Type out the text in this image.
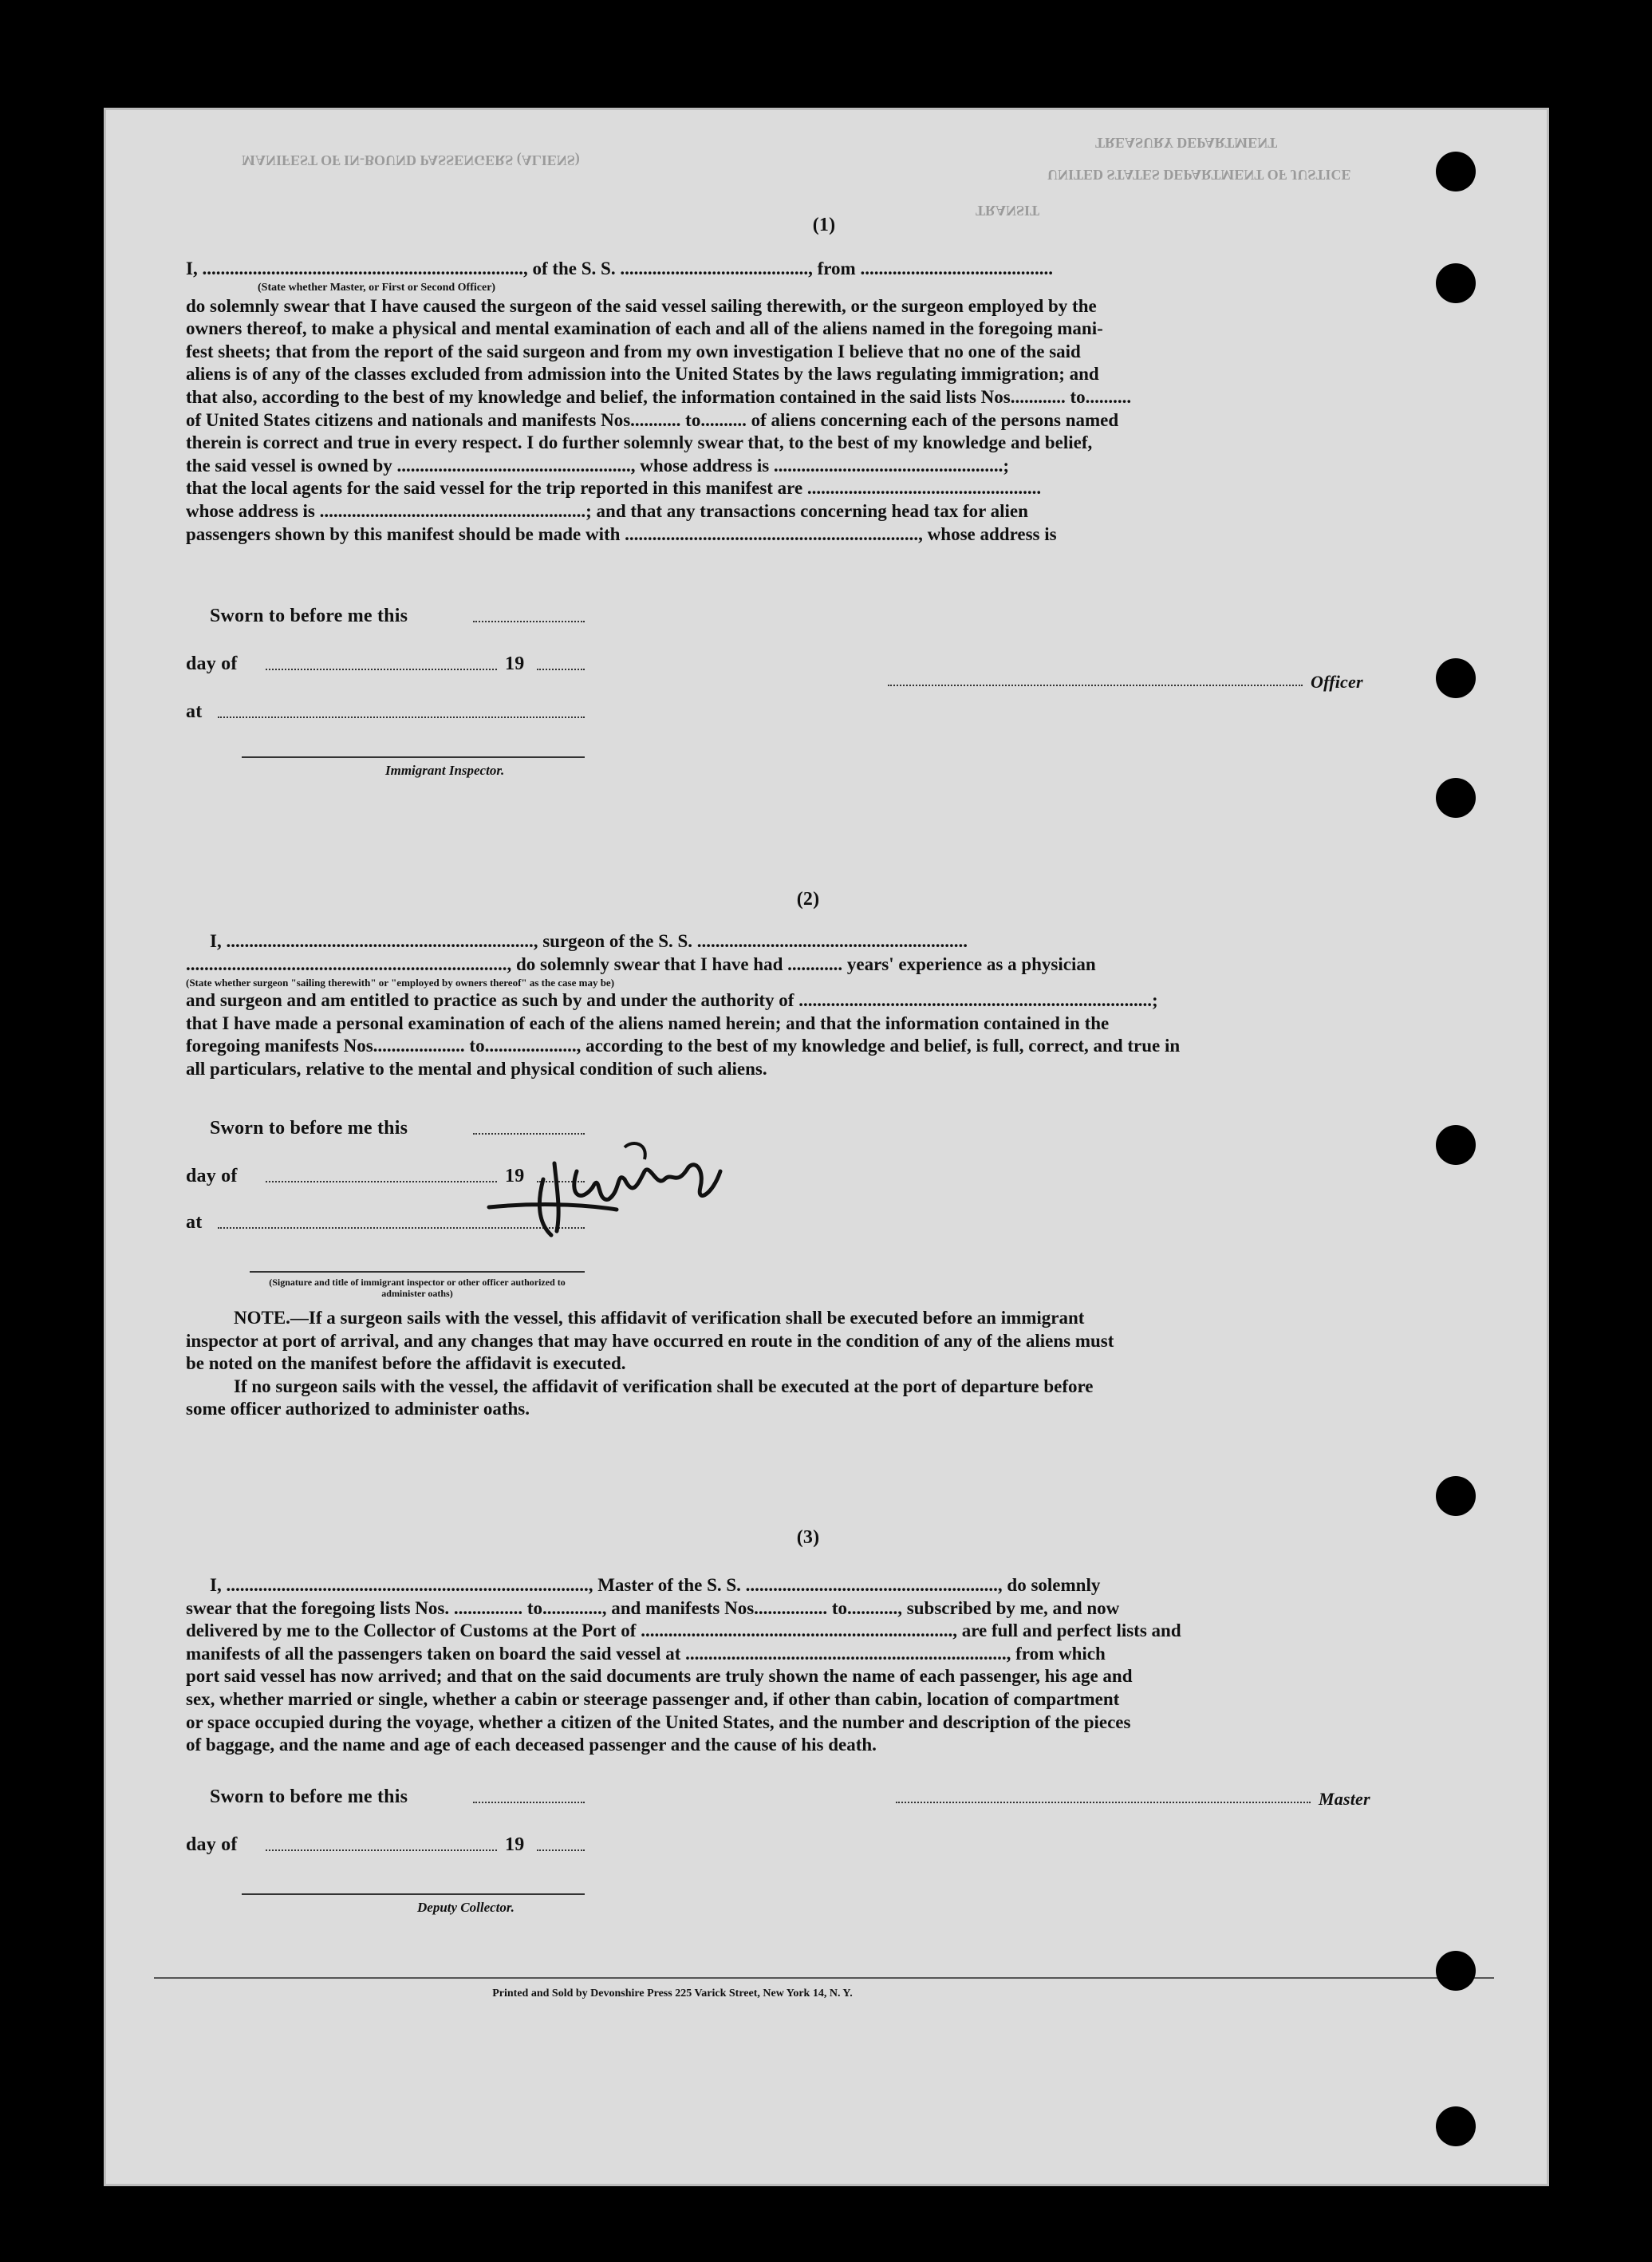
MANIFEST OF IN-BOUND PASSENGERS (ALIENS)
TREASURY DEPARTMENT
UNITED STATES DEPARTMENT OF JUSTICE
TRANSIT
(1)
I, ......................................................................, of the S. S. ........................................., from ..........................................
(State whether Master, or First or Second Officer)
do solemnly swear that I have caused the surgeon of the said vessel sailing therewith, or the surgeon employed by the
owners thereof, to make a physical and mental examination of each and all of the aliens named in the foregoing mani-
fest sheets; that from the report of the said surgeon and from my own investigation I believe that no one of the said
aliens is of any of the classes excluded from admission into the United States by the laws regulating immigration; and
that also, according to the best of my knowledge and belief, the information contained in the said lists Nos............ to..........
of United States citizens and nationals and manifests Nos........... to.......... of aliens concerning each of the persons named
therein is correct and true in every respect. I do further solemnly swear that, to the best of my knowledge and belief,
the said vessel is owned by ..................................................., whose address is ..................................................;
that the local agents for the said vessel for the trip reported in this manifest are ...................................................
whose address is ..........................................................; and that any transactions concerning head tax for alien
passengers shown by this manifest should be made with ................................................................, whose address is
Sworn to before me this
day of	19
at
Immigrant Inspector.
Officer
(2)
I, ..................................................................., surgeon of the S. S. ...........................................................
......................................................................, do solemnly swear that I have had ............ years' experience as a physician
(State whether surgeon "sailing therewith" or "employed by owners thereof" as the case may be)
and surgeon and am entitled to practice as such by and under the authority of .............................................................................;
that I have made a personal examination of each of the aliens named herein; and that the information contained in the
foregoing manifests Nos.................... to...................., according to the best of my knowledge and belief, is full, correct, and true in
all particulars, relative to the mental and physical condition of such aliens.
Sworn to before me this
day of	19
at
(Signature and title of immigrant inspector or other officer authorized to administer oaths)
NOTE.—If a surgeon sails with the vessel, this affidavit of verification shall be executed before an immigrant
inspector at port of arrival, and any changes that may have occurred en route in the condition of any of the aliens must
be noted on the manifest before the affidavit is executed.
If no surgeon sails with the vessel, the affidavit of verification shall be executed at the port of departure before
some officer authorized to administer oaths.
(3)
I, ..............................................................................., Master of the S. S. ......................................................., do solemnly
swear that the foregoing lists Nos. ............... to............., and manifests Nos................ to..........., subscribed by me, and now
delivered by me to the Collector of Customs at the Port of ...................................................................., are full and perfect lists and
manifests of all the passengers taken on board the said vessel at ......................................................................, from which
port said vessel has now arrived; and that on the said documents are truly shown the name of each passenger, his age and
sex, whether married or single, whether a cabin or steerage passenger and, if other than cabin, location of compartment
or space occupied during the voyage, whether a citizen of the United States, and the number and description of the pieces
of baggage, and the name and age of each deceased passenger and the cause of his death.
Sworn to before me this
day of	19
Deputy Collector.
Master
Printed and Sold by Devonshire Press 225 Varick Street, New York 14, N. Y.
